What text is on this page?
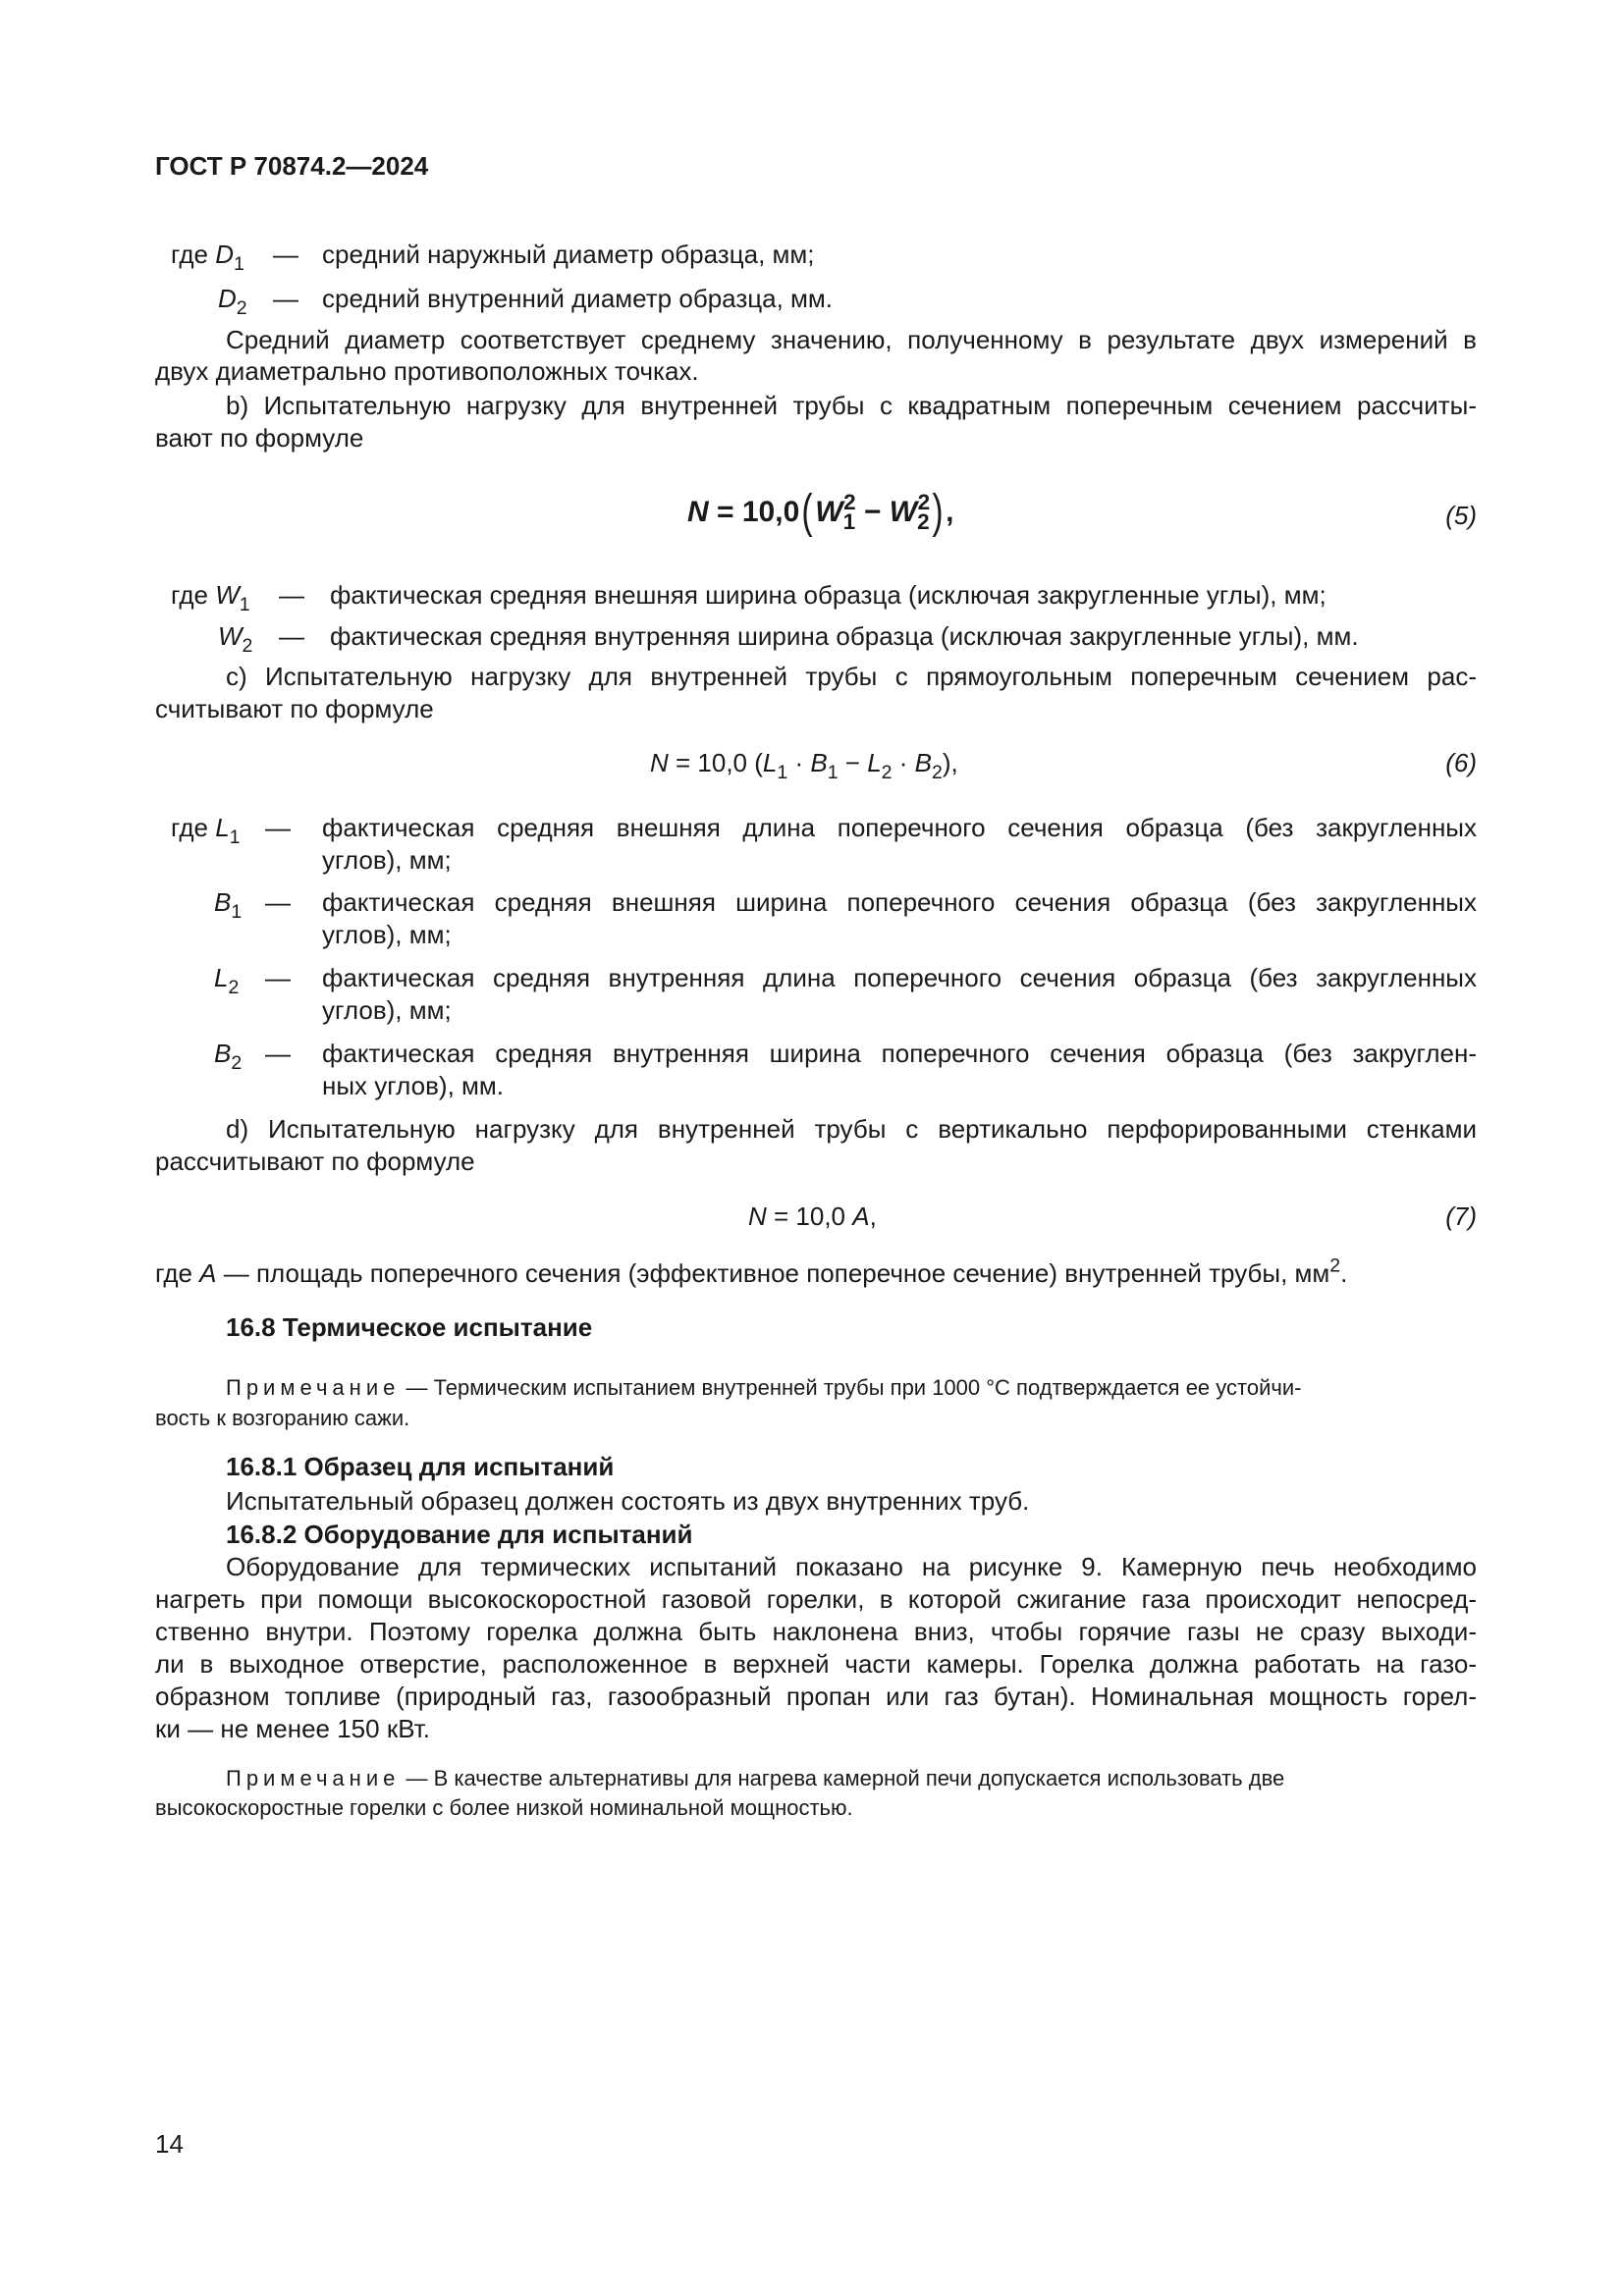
ГОСТ Р 70874.2—2024
где $D_1$ — средний наружный диаметр образца, мм;
$D_2$ — средний внутренний диаметр образца, мм.
Средний диаметр соответствует среднему значению, полученному в результате двух измерений в
двух диаметрально противоположных точках.
b) Испытательную нагрузку для внутренней трубы с квадратным поперечным сечением рассчиты-
вают по формуле
$N = 10,0(W_1^2 - W_2^2)$,	(5)
где $W_1$ — фактическая средняя внешняя ширина образца (исключая закругленные углы), мм;
$W_2$ — фактическая средняя внутренняя ширина образца (исключая закругленные углы), мм.
c) Испытательную нагрузку для внутренней трубы с прямоугольным поперечным сечением рас-
считывают по формуле
N = 10,0 $(L_1 \cdot B_1 - L_2 \cdot B_2)$,	(6)
где $L_1$ — фактическая средняя внешняя длина поперечного сечения образца (без закругленных
углов), мм;
$B_1$ — фактическая средняя внешняя ширина поперечного сечения образца (без закругленных
углов), мм;
$L_2$ — фактическая средняя внутренняя длина поперечного сечения образца (без закругленных
углов), мм;
$B_2$ — фактическая средняя внутренняя ширина поперечного сечения образца (без закруглен-
ных углов), мм.
d) Испытательную нагрузку для внутренней трубы с вертикально перфорированными стенками
рассчитывают по формуле
N = 10,0 A,	(7)
где A — площадь поперечного сечения (эффективное поперечное сечение) внутренней трубы, $мм^2$.
16.8 Термическое испытание
Примечание — Термическим испытанием внутренней трубы при 1000 °С подтверждается ее устойчи-
вость к возгоранию сажи.
16.8.1 Образец для испытаний
Испытательный образец должен состоять из двух внутренних труб.
16.8.2 Оборудование для испытаний
Оборудование для термических испытаний показано на рисунке 9. Камерную печь необходимо
нагреть при помощи высокоскоростной газовой горелки, в которой сжигание газа происходит непосред-
ственно внутри. Поэтому горелка должна быть наклонена вниз, чтобы горячие газы не сразу выходи-
ли в выходное отверстие, расположенное в верхней части камеры. Горелка должна работать на газо-
образном топливе (природный газ, газообразный пропан или газ бутан). Номинальная мощность горел-
ки — не менее 150 кВт.
Примечание — В качестве альтернативы для нагрева камерной печи допускается использовать две
высокоскоростные горелки с более низкой номинальной мощностью.
14
